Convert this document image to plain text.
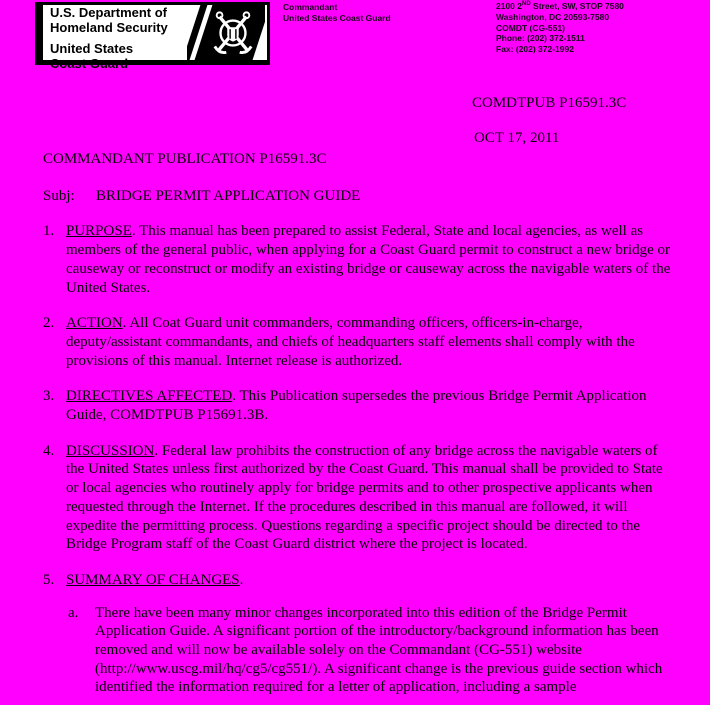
U.S. Department of
Homeland Security
United States
Coast Guard
Commandant
United States Coast Guard
2100 2ND Street, SW, STOP 7580
Washington, DC 20593-7580
COMDT (CG-551)
Phone: (202) 372-1511
Fax: (202) 372-1992
COMDTPUB P16591.3C
OCT 17, 2011
COMMANDANT PUBLICATION P16591.3C
Subj:	BRIDGE PERMIT APPLICATION GUIDE
1. PURPOSE. This manual has been prepared to assist Federal, State and local agencies, as well as members of the general public, when applying for a Coast Guard permit to construct a new bridge or causeway or reconstruct or modify an existing bridge or causeway across the navigable waters of the United States.
2. ACTION. All Coat Guard unit commanders, commanding officers, officers-in-charge, deputy/assistant commandants, and chiefs of headquarters staff elements shall comply with the provisions of this manual. Internet release is authorized.
3. DIRECTIVES AFFECTED. This Publication supersedes the previous Bridge Permit Application Guide, COMDTPUB P15691.3B.
4. DISCUSSION. Federal law prohibits the construction of any bridge across the navigable waters of the United States unless first authorized by the Coast Guard. This manual shall be provided to State or local agencies who routinely apply for bridge permits and to other prospective applicants when requested through the Internet. If the procedures described in this manual are followed, it will expedite the permitting process. Questions regarding a specific project should be directed to the Bridge Program staff of the Coast Guard district where the project is located.
5. SUMMARY OF CHANGES.
a.	There have been many minor changes incorporated into this edition of the Bridge Permit Application Guide. A significant portion of the introductory/background information has been removed and will now be available solely on the Commandant (CG-551) website (http://www.uscg.mil/hq/cg5/cg551/). A significant change is the previous guide section which identified the information required for a letter of application, including a sample
